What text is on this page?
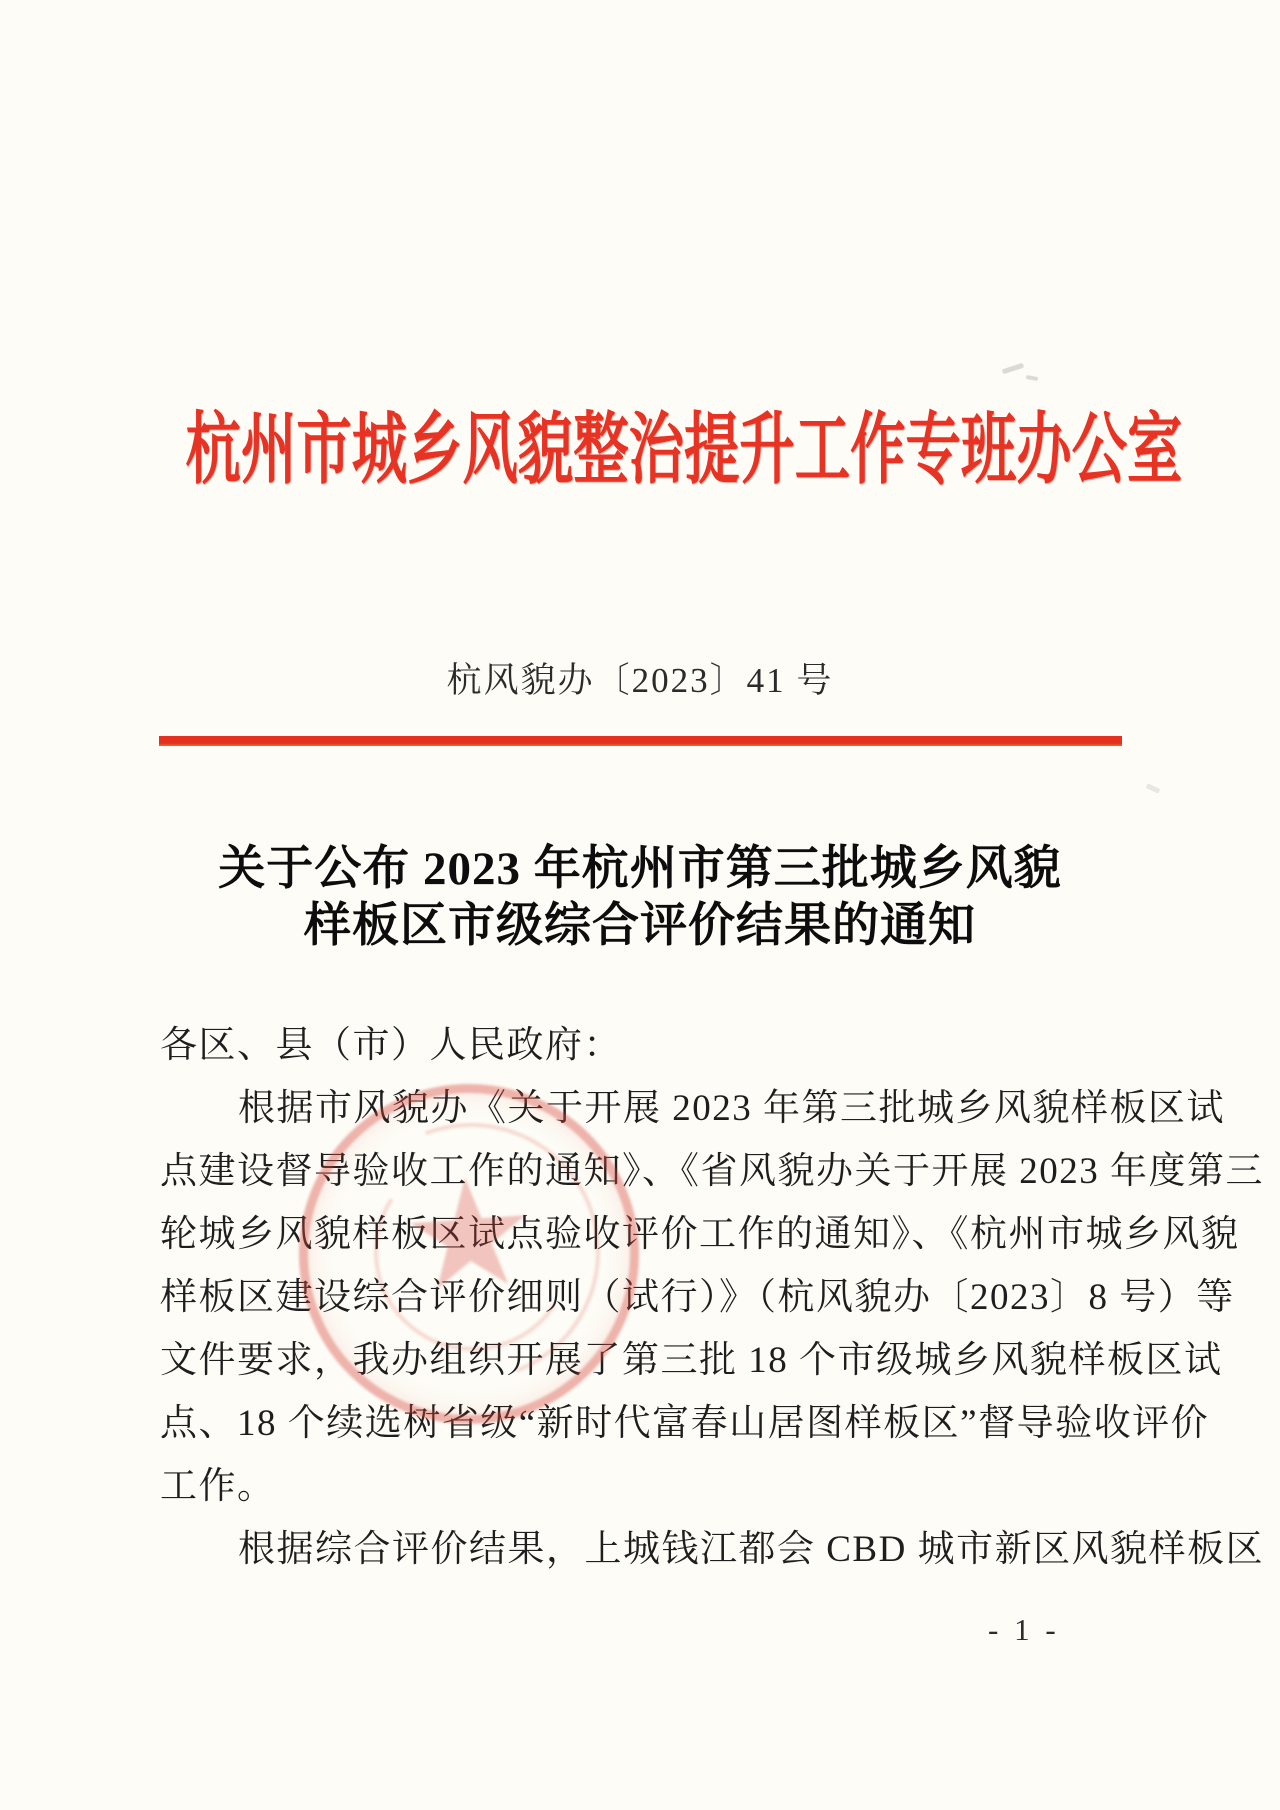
杭州市城乡风貌整治提升工作专班办公室
杭风貌办〔2023〕41 号
关于公布 2023 年杭州市第三批城乡风貌
样板区市级综合评价结果的通知
各区、县（市）人民政府：
根据市风貌办《关于开展 2023 年第三批城乡风貌样板区试
点建设督导验收工作的通知》、《省风貌办关于开展 2023 年度第三
轮城乡风貌样板区试点验收评价工作的通知》、《杭州市城乡风貌
样板区建设综合评价细则（试行）》（杭风貌办〔2023〕8 号）等
文件要求，我办组织开展了第三批 18 个市级城乡风貌样板区试
点、18 个续选树省级“新时代富春山居图样板区”督导验收评价
工作。
根据综合评价结果，上城钱江都会 CBD 城市新区风貌样板区
★
- 1 -
